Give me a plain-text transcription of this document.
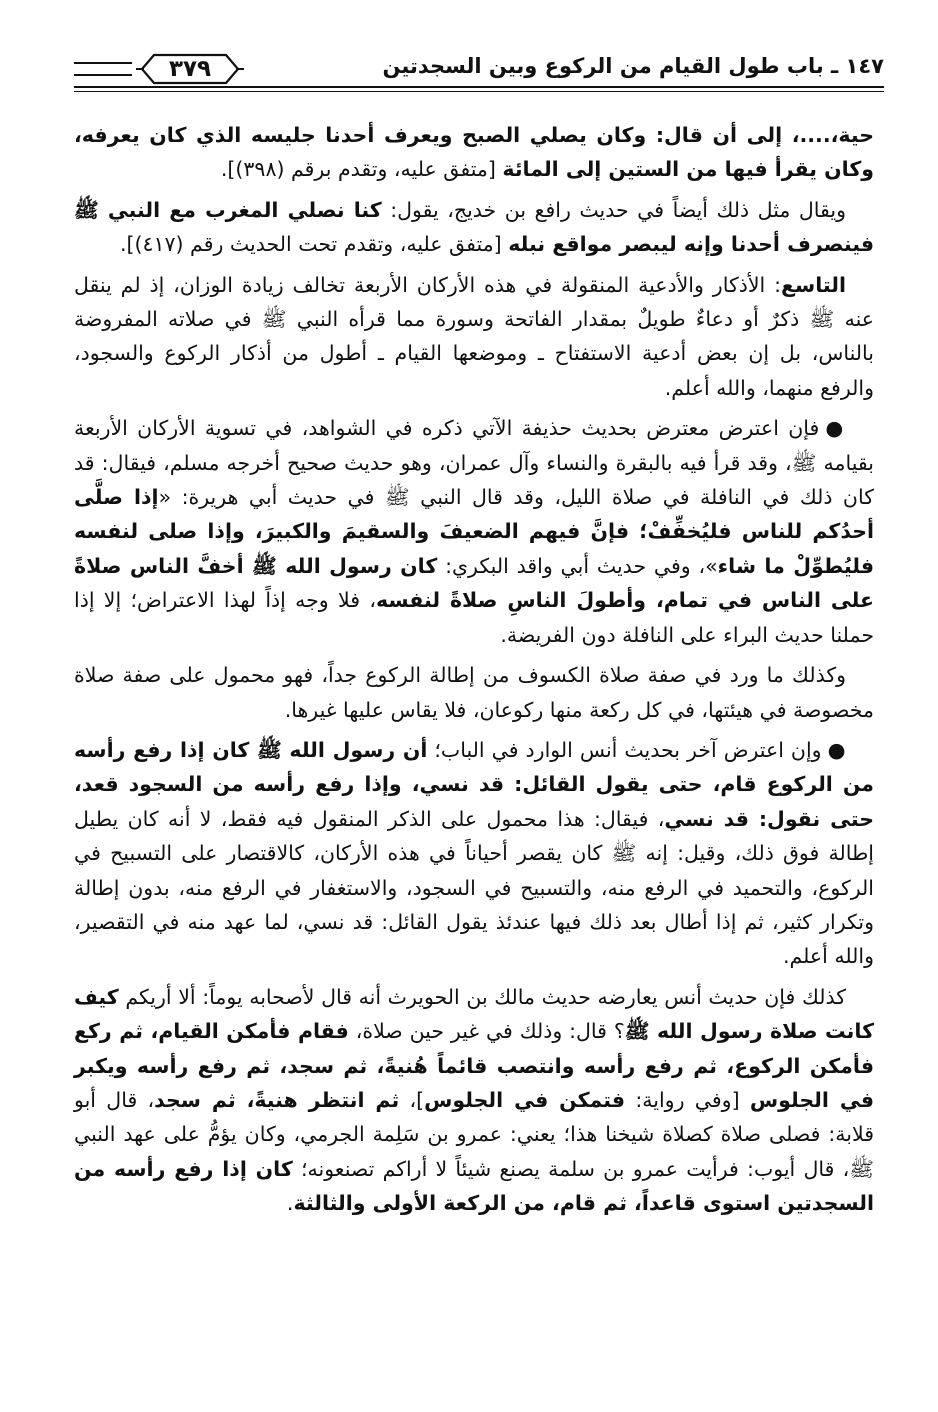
١٤٧ ـ باب طول القيام من الركوع وبين السجدتين
٣٧٩

حية،....، إلى أن قال: وكان يصلي الصبح ويعرف أحدنا جليسه الذي كان يعرفه، وكان يقرأ فيها من الستين إلى المائة [متفق عليه، وتقدم برقم (٣٩٨)].

ويقال مثل ذلك أيضاً في حديث رافع بن خديج، يقول: كنا نصلي المغرب مع النبي ﷺ فينصرف أحدنا وإنه ليبصر مواقع نبله [متفق عليه، وتقدم تحت الحديث رقم (٤١٧)].

التاسع: الأذكار والأدعية المنقولة في هذه الأركان الأربعة تخالف زيادة الوزان، إذ لم ينقل عنه ﷺ ذكرٌ أو دعاءٌ طويلٌ بمقدار الفاتحة وسورة مما قرأه النبي ﷺ في صلاته المفروضة بالناس، بل إن بعض أدعية الاستفتاح ـ وموضعها القيام ـ أطول من أذكار الركوع والسجود، والرفع منهما، والله أعلم.

●فإن اعترض معترض بحديث حذيفة الآتي ذكره في الشواهد، في تسوية الأركان الأربعة بقيامه ﷺ، وقد قرأ فيه بالبقرة والنساء وآل عمران، وهو حديث صحيح أخرجه مسلم، فيقال: قد كان ذلك في النافلة في صلاة الليل، وقد قال النبي ﷺ في حديث أبي هريرة: «إذا صلَّى أحدُكم للناس فليُخفِّفْ؛ فإنَّ فيهم الضعيفَ والسقيمَ والكبيرَ، وإذا صلى لنفسه فليُطوِّلْ ما شاء»، وفي حديث أبي واقد البكري: كان رسول الله ﷺ أخفَّ الناس صلاةً على الناس في تمام، وأطولَ الناسِ صلاةً لنفسه، فلا وجه إذاً لهذا الاعتراض؛ إلا إذا حملنا حديث البراء على النافلة دون الفريضة.

وكذلك ما ورد في صفة صلاة الكسوف من إطالة الركوع جداً، فهو محمول على صفة صلاة مخصوصة في هيئتها، في كل ركعة منها ركوعان، فلا يقاس عليها غيرها.

●وإن اعترض آخر بحديث أنس الوارد في الباب؛ أن رسول الله ﷺ كان إذا رفع رأسه من الركوع قام، حتى يقول القائل: قد نسي، وإذا رفع رأسه من السجود قعد، حتى نقول: قد نسي، فيقال: هذا محمول على الذكر المنقول فيه فقط، لا أنه كان يطيل إطالة فوق ذلك، وقيل: إنه ﷺ كان يقصر أحياناً في هذه الأركان، كالاقتصار على التسبيح في الركوع، والتحميد في الرفع منه، والتسبيح في السجود، والاستغفار في الرفع منه، بدون إطالة وتكرار كثير، ثم إذا أطال بعد ذلك فيها عندئذ يقول القائل: قد نسي، لما عهد منه في التقصير، والله أعلم.

كذلك فإن حديث أنس يعارضه حديث مالك بن الحويرث أنه قال لأصحابه يوماً: ألا أريكم كيف كانت صلاة رسول الله ﷺ؟ قال: وذلك في غير حين صلاة، فقام فأمكن القيام، ثم ركع فأمكن الركوع، ثم رفع رأسه وانتصب قائماً هُنيةً، ثم سجد، ثم رفع رأسه ويكبر في الجلوس [وفي رواية: فتمكن في الجلوس]، ثم انتظر هنيةً، ثم سجد، قال أبو قلابة: فصلى صلاة كصلاة شيخنا هذا؛ يعني: عمرو بن سَلِمة الجرمي، وكان يؤمُّ على عهد النبي ﷺ، قال أيوب: فرأيت عمرو بن سلمة يصنع شيئاً لا أراكم تصنعونه؛ كان إذا رفع رأسه من السجدتين استوى قاعداً، ثم قام، من الركعة الأولى والثالثة.
